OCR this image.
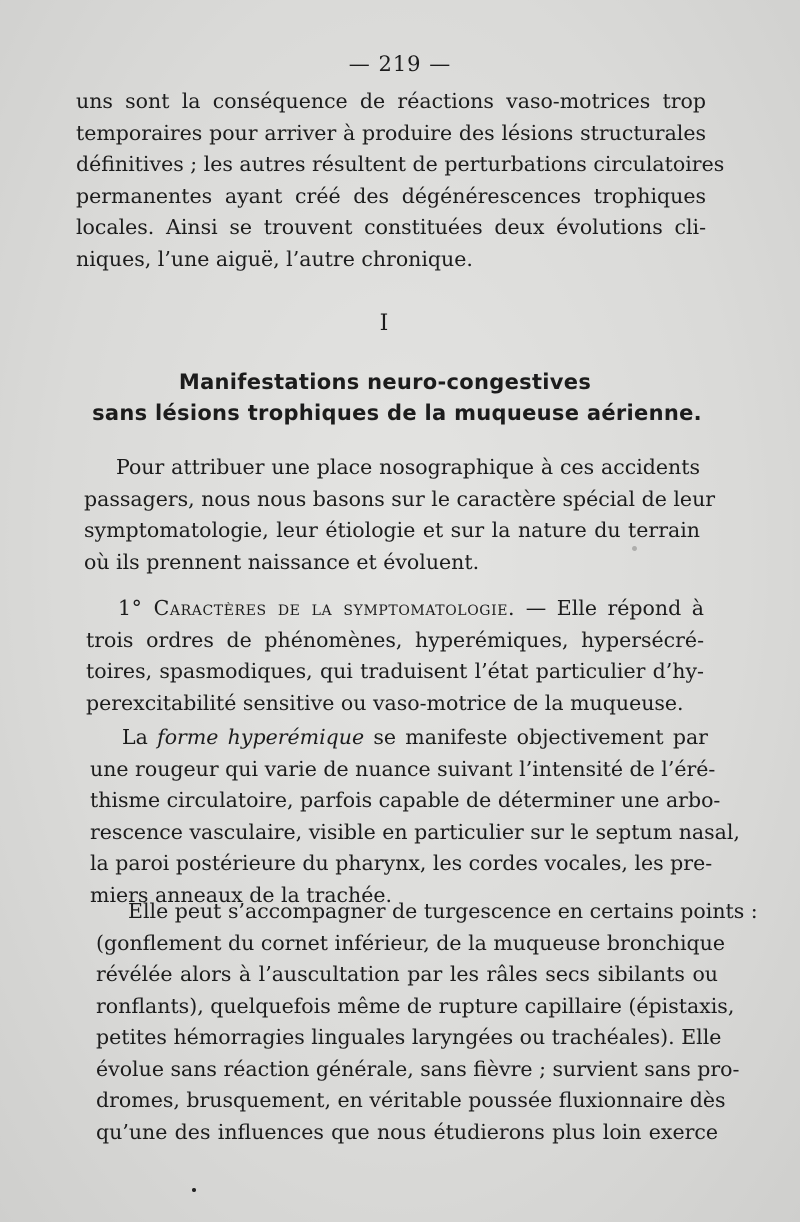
— 219 —
uns sont la conséquence de réactions vaso-motrices trop
temporaires pour arriver à produire des lésions structurales
définitives ; les autres résultent de perturbations circulatoires
permanentes ayant créé des dégénérescences trophiques
locales. Ainsi se trouvent constituées deux évolutions cli-
niques, l’une aiguë, l’autre chronique.
I
Manifestations neuro-congestives
sans lésions trophiques de la muqueuse aérienne.
Pour attribuer une place nosographique à ces accidents
passagers, nous nous basons sur le caractère spécial de leur
symptomatologie, leur étiologie et sur la nature du terrain
où ils prennent naissance et évoluent.
1° Caractères de la symptomatologie. — Elle répond à
trois ordres de phénomènes, hyperémiques, hypersécré-
toires, spasmodiques, qui traduisent l’état particulier d’hy-
perexcitabilité sensitive ou vaso-motrice de la muqueuse.
La forme hyperémique se manifeste objectivement par
une rougeur qui varie de nuance suivant l’intensité de l’éré-
thisme circulatoire, parfois capable de déterminer une arbo-
rescence vasculaire, visible en particulier sur le septum nasal,
la paroi postérieure du pharynx, les cordes vocales, les pre-
miers anneaux de la trachée.
Elle peut s’accompagner de turgescence en certains points :
(gonflement du cornet inférieur, de la muqueuse bronchique
révélée alors à l’auscultation par les râles secs sibilants ou
ronflants), quelquefois même de rupture capillaire (épistaxis,
petites hémorragies linguales laryngées ou trachéales). Elle
évolue sans réaction générale, sans fièvre ; survient sans pro-
dromes, brusquement, en véritable poussée fluxionnaire dès
qu’une des influences que nous étudierons plus loin exerce
